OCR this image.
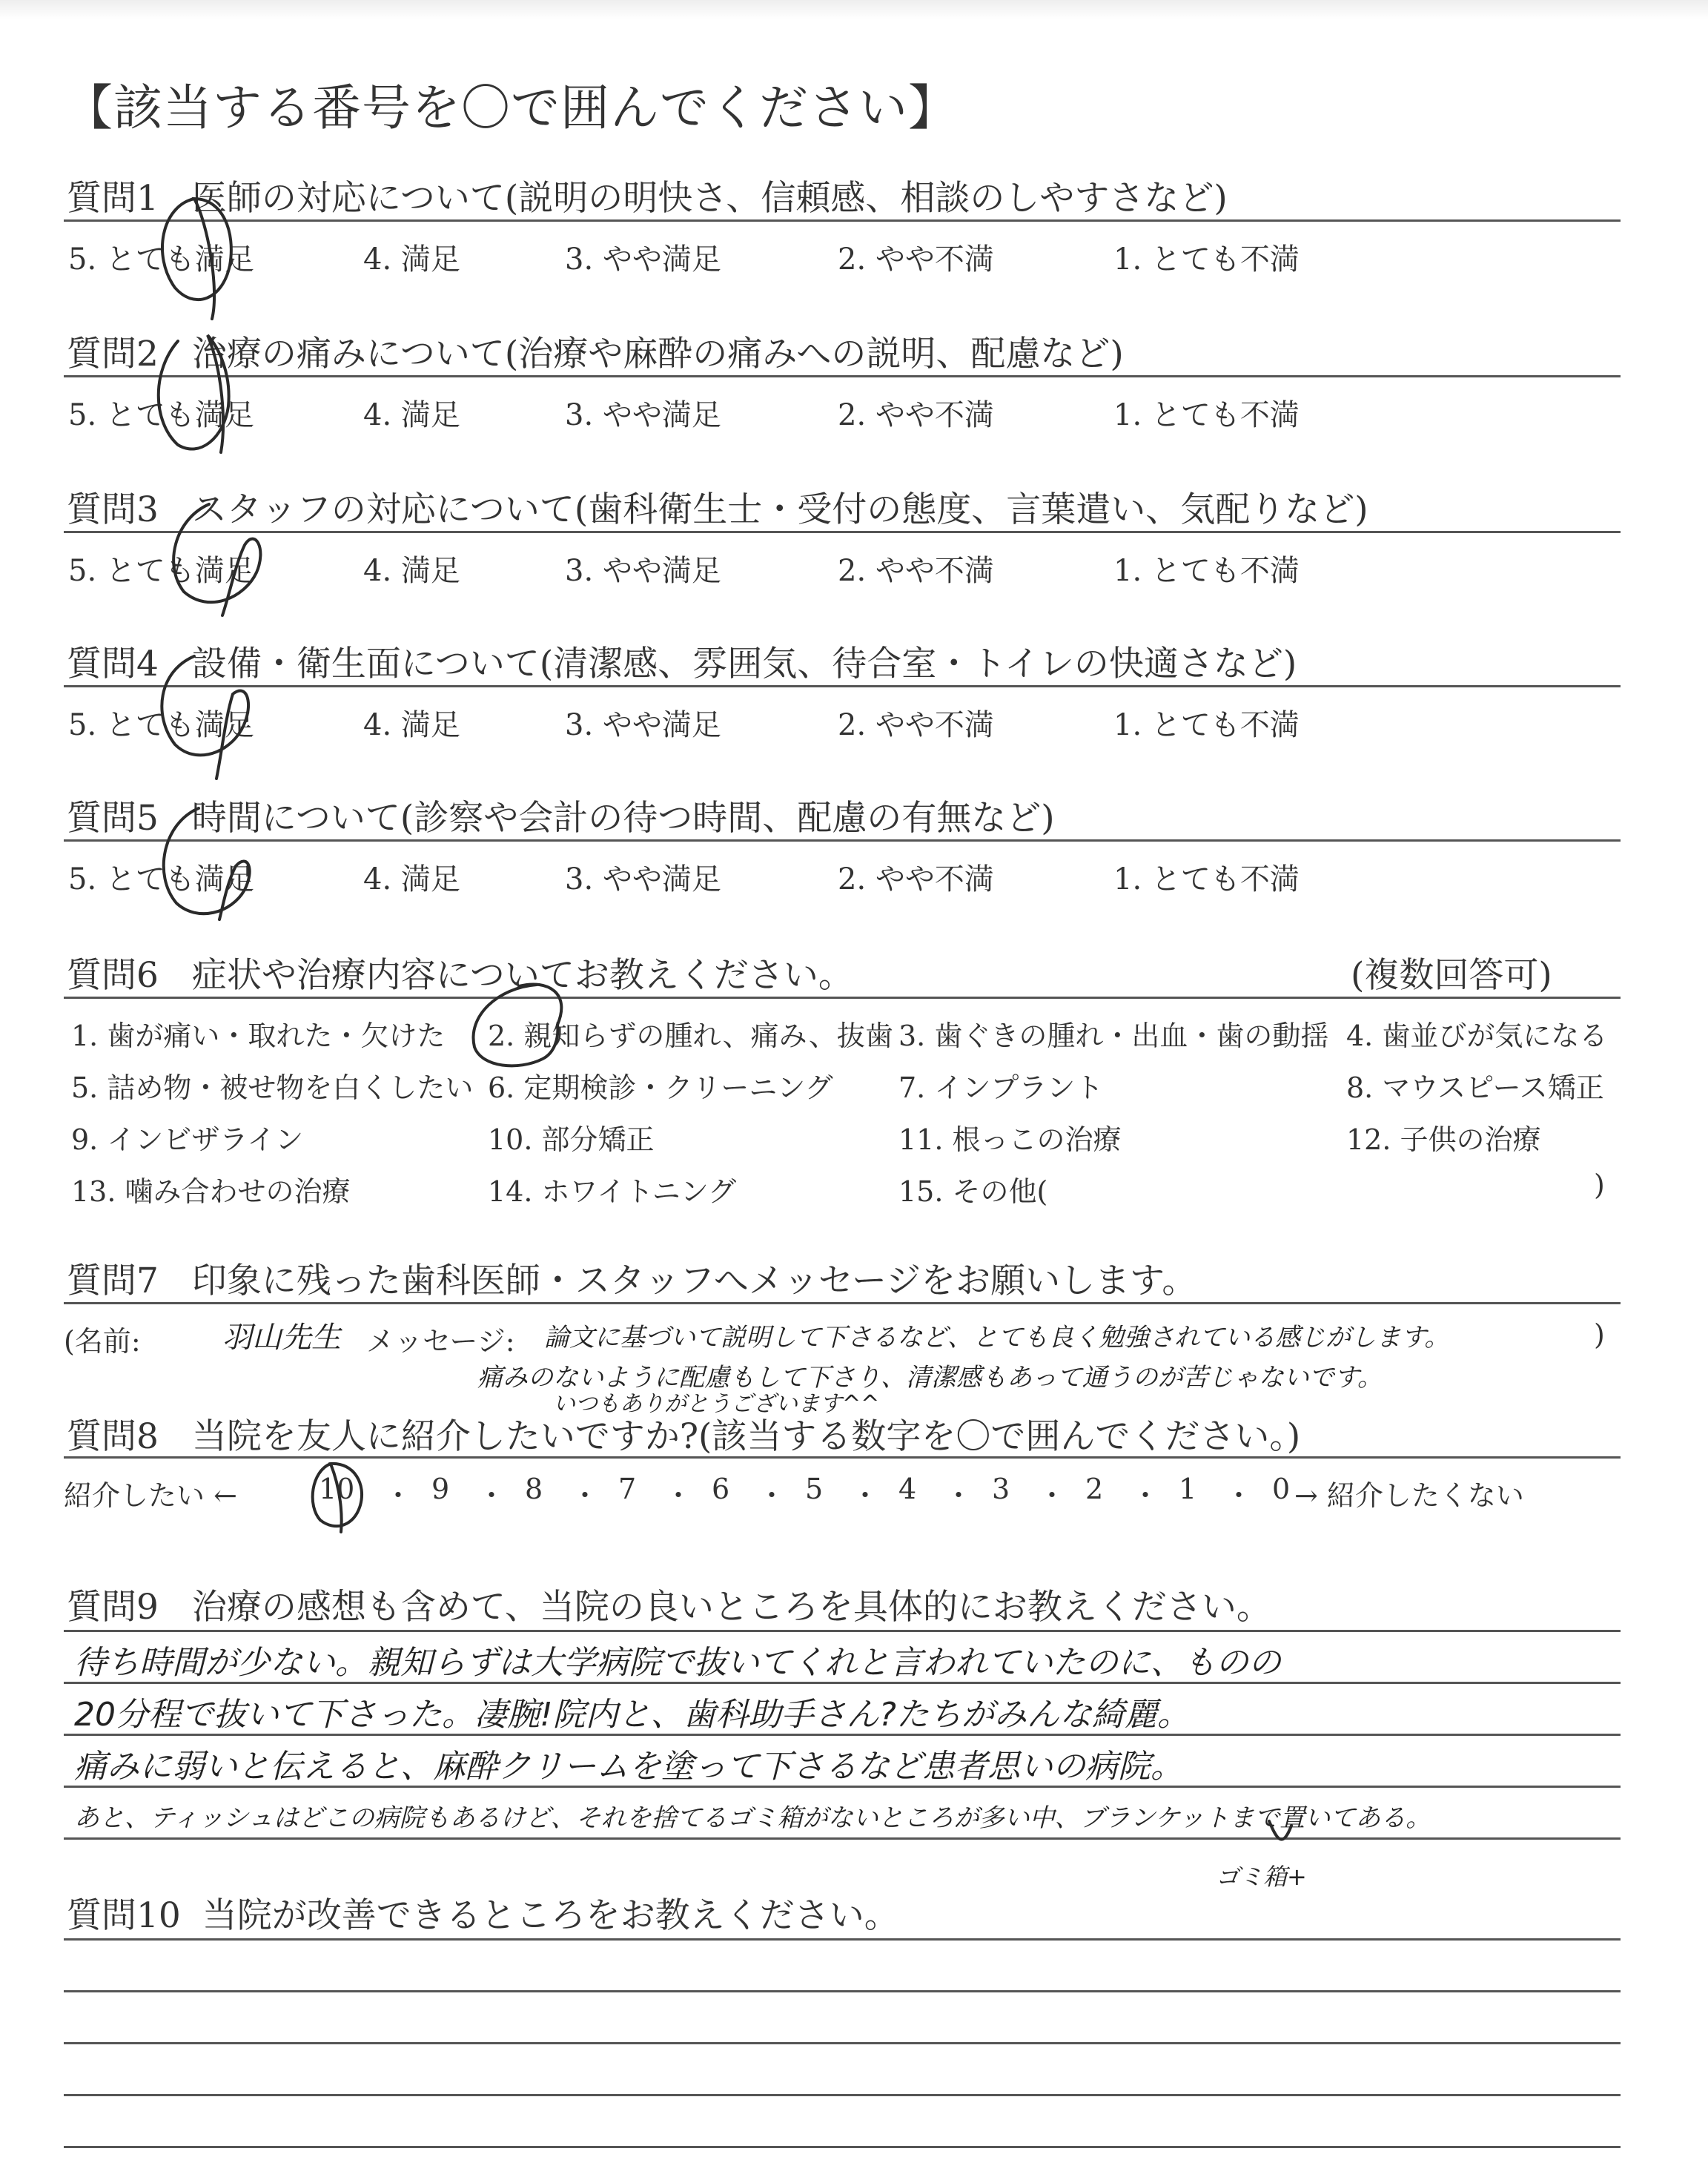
【該当する番号を〇で囲んでください】
質問1 医師の対応について(説明の明快さ、信頼感、相談のしやすさなど)
5. とても満足	4. 満足	3. やや満足	2. やや不満	1. とても不満
質問2 治療の痛みについて(治療や麻酔の痛みへの説明、配慮など)
5. とても満足	4. 満足	3. やや満足	2. やや不満	1. とても不満
質問3 スタッフの対応について(歯科衛生士・受付の態度、言葉遣い、気配りなど)
5. とても満足	4. 満足	3. やや満足	2. やや不満	1. とても不満
質問4 設備・衛生面について(清潔感、雰囲気、待合室・トイレの快適さなど)
5. とても満足	4. 満足	3. やや満足	2. やや不満	1. とても不満
質問5 時間について(診察や会計の待つ時間、配慮の有無など)
5. とても満足	4. 満足	3. やや満足	2. やや不満	1. とても不満
質問6 症状や治療内容についてお教えください。	(複数回答可)
1. 歯が痛い・取れた・欠けた 2. 親知らずの腫れ、痛み、抜歯 3. 歯ぐきの腫れ・出血・歯の動揺 4. 歯並びが気になる
5. 詰め物・被せ物を白くしたい 6. 定期検診・クリーニング 7. インプラント	8. マウスピース矯正
9. インビザライン	10. 部分矯正	11. 根っこの治療	12. 子供の治療
13. 噛み合わせの治療	14. ホワイトニング	15. その他(	)
質問7 印象に残った歯科医師・スタッフへメッセージをお願いします。
(名前:	羽山先生 メッセージ: 論文に基づいて説明して下さるなど、とても良く勉強されている感じがします。	)
痛みのないように配慮もして下さり、清潔感もあって通うのが苦じゃないです。
いつもありがとうございます^^
質問8 当院を友人に紹介したいですか?(該当する数字を〇で囲んでください。)
紹介したい ←	→ 紹介したくない
10 ・ 9 ・ 8 ・ 7 ・ 6 ・ 5 ・ 4 ・ 3 ・ 2 ・ 1 ・ 0
質問9 治療の感想も含めて、当院の良いところを具体的にお教えください。
待ち時間が少ない。親知らずは大学病院で抜いてくれと言われていたのに、ものの
20分程で抜いて下さった。凄腕!院内と、歯科助手さん?たちがみんな綺麗。
痛みに弱いと伝えると、麻酔クリームを塗って下さるなど患者思いの病院。
あと、ティッシュはどこの病院もあるけど、それを捨てるゴミ箱がないところが多い中、ブランケットまで置いてある。
ゴミ箱+
質問10 当院が改善できるところをお教えください。
